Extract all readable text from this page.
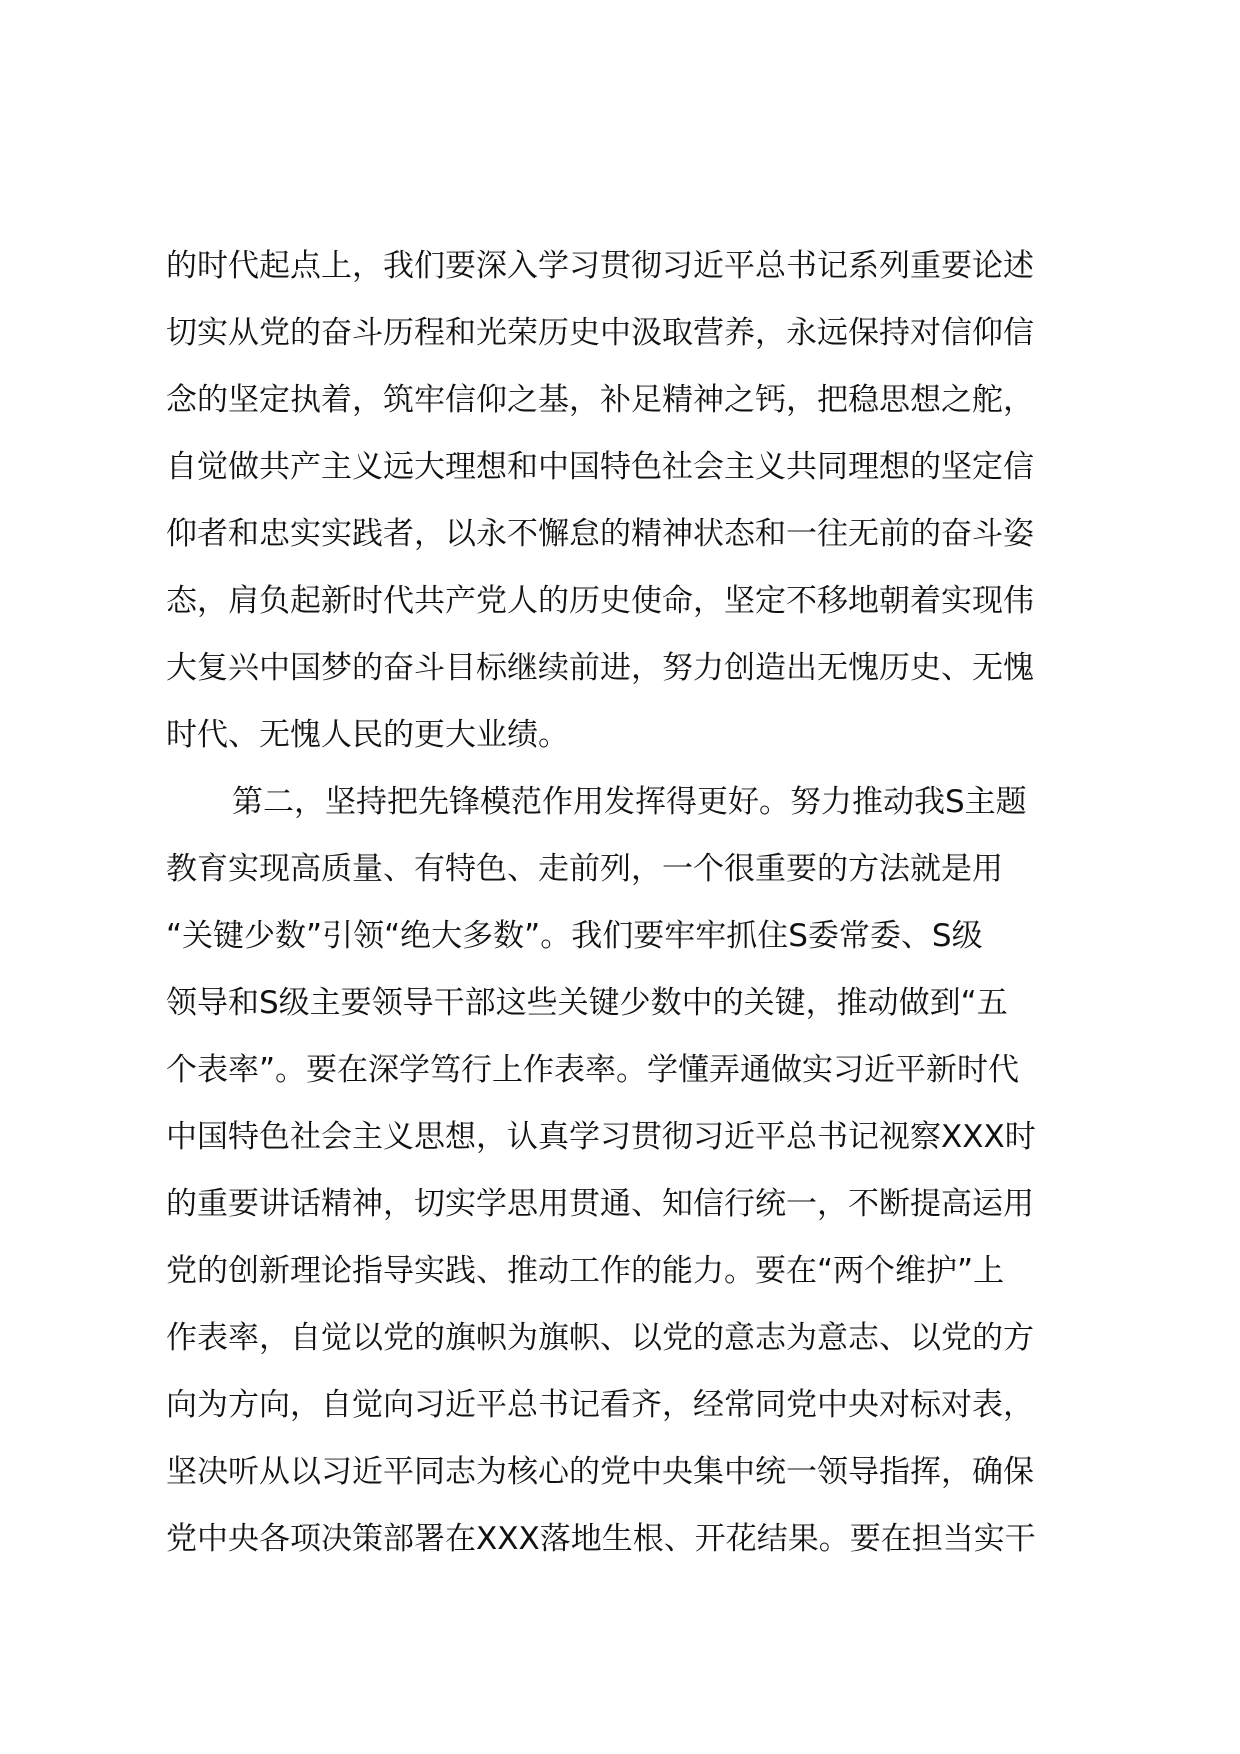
的时代起点上，我们要深入学习贯彻习近平总书记系列重要论述
切实从党的奋斗历程和光荣历史中汲取营养，永远保持对信仰信
念的坚定执着，筑牢信仰之基，补足精神之钙，把稳思想之舵，
自觉做共产主义远大理想和中国特色社会主义共同理想的坚定信
仰者和忠实实践者，以永不懈怠的精神状态和一往无前的奋斗姿
态，肩负起新时代共产党人的历史使命，坚定不移地朝着实现伟
大复兴中国梦的奋斗目标继续前进，努力创造出无愧历史、无愧
时代、无愧人民的更大业绩。
第二，坚持把先锋模范作用发挥得更好。努力推动我S主题
教育实现高质量、有特色、走前列，一个很重要的方法就是用
“关键少数”引领“绝大多数”。我们要牢牢抓住S委常委、S级
领导和S级主要领导干部这些关键少数中的关键，推动做到“五
个表率”。要在深学笃行上作表率。学懂弄通做实习近平新时代
中国特色社会主义思想，认真学习贯彻习近平总书记视察XXX时
的重要讲话精神，切实学思用贯通、知信行统一，不断提高运用
党的创新理论指导实践、推动工作的能力。要在“两个维护”上
作表率，自觉以党的旗帜为旗帜、以党的意志为意志、以党的方
向为方向，自觉向习近平总书记看齐，经常同党中央对标对表，
坚决听从以习近平同志为核心的党中央集中统一领导指挥，确保
党中央各项决策部署在XXX落地生根、开花结果。要在担当实干
